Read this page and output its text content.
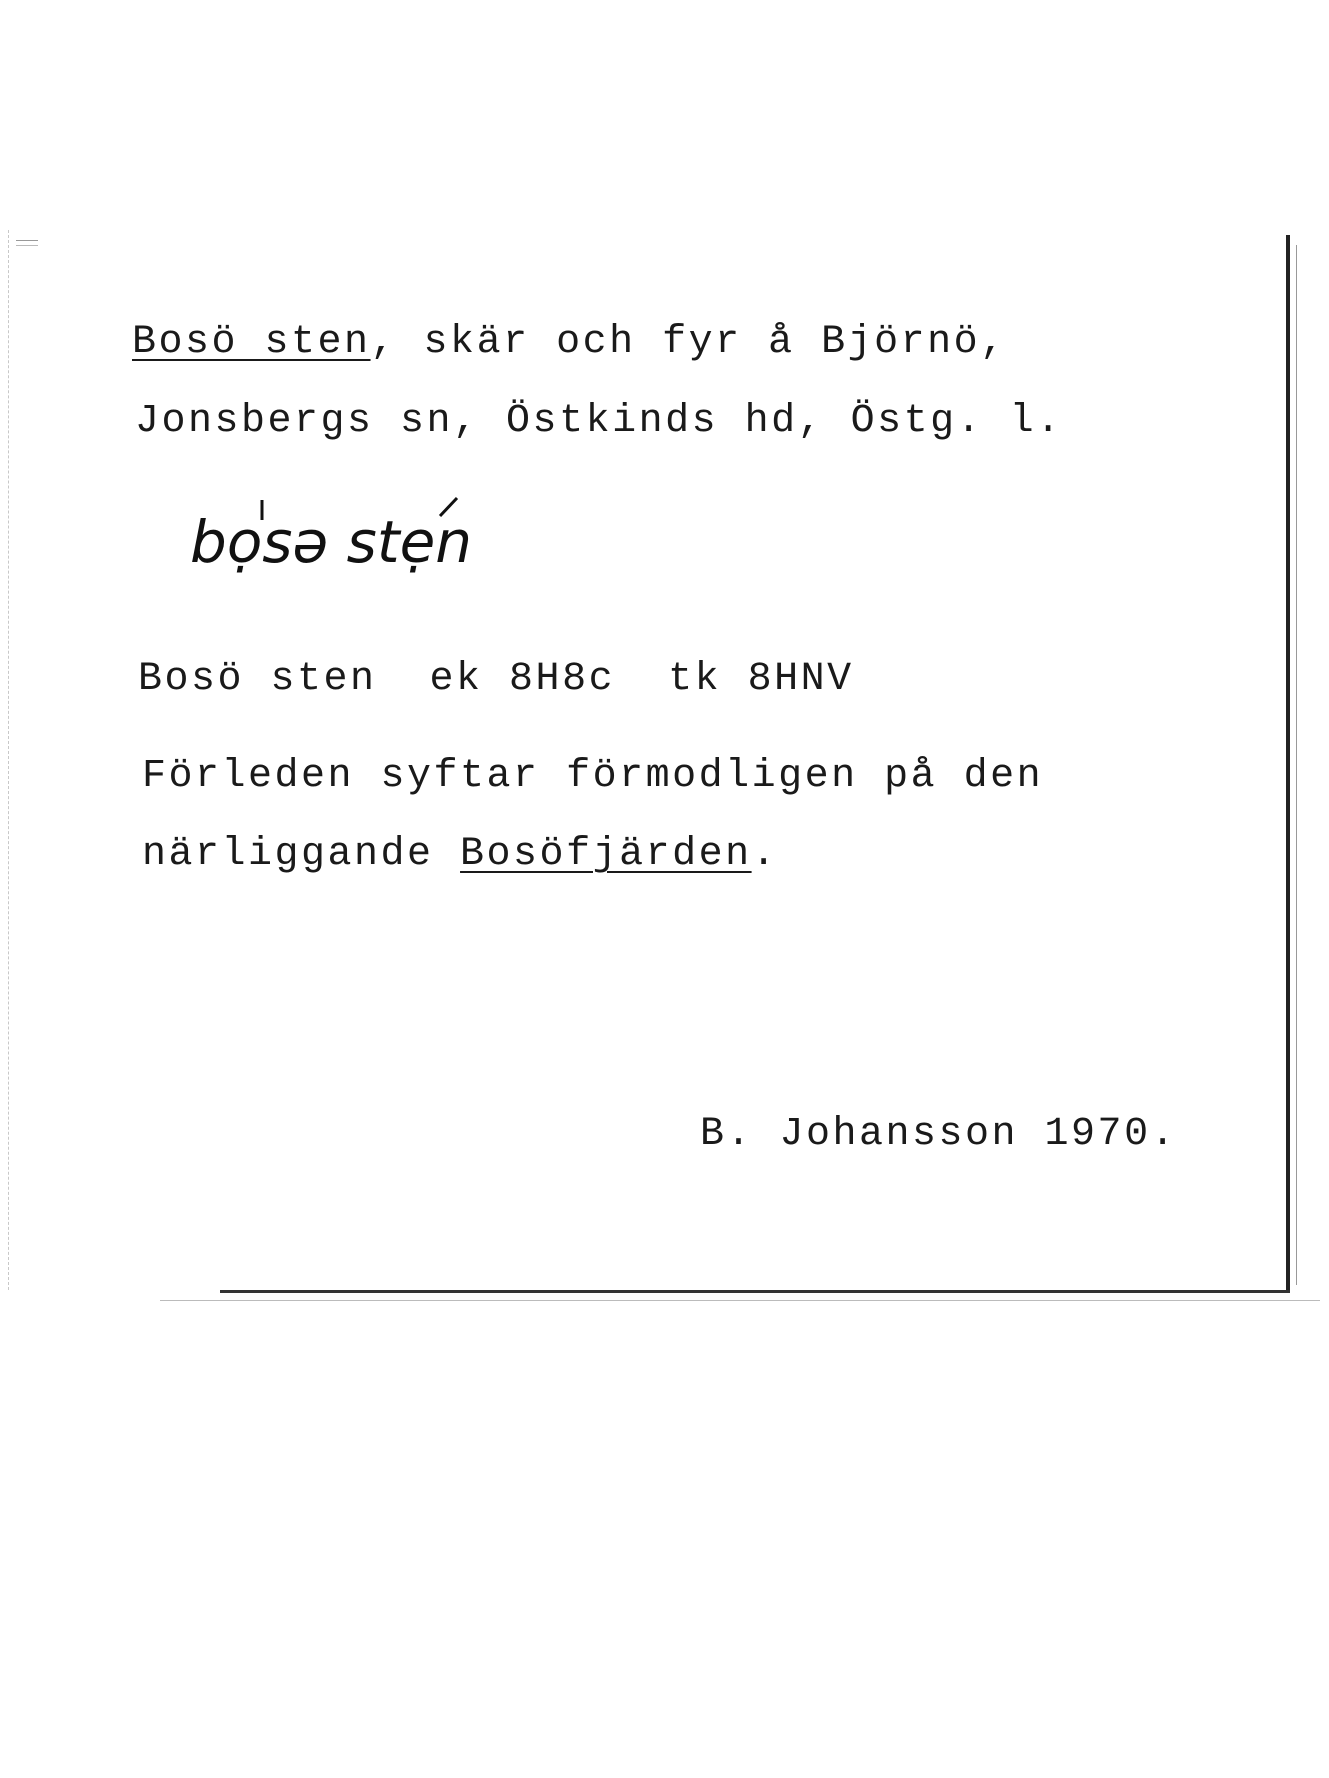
Bosö sten, skär och fyr å Björnö,
Jonsbergs sn, Östkinds hd, Östg. l.
bọsə stẹn
Bosö sten  ek 8H8c  tk 8HNV
Förleden syftar förmodligen på den
närliggande Bosöfjärden.
B. Johansson 1970.
